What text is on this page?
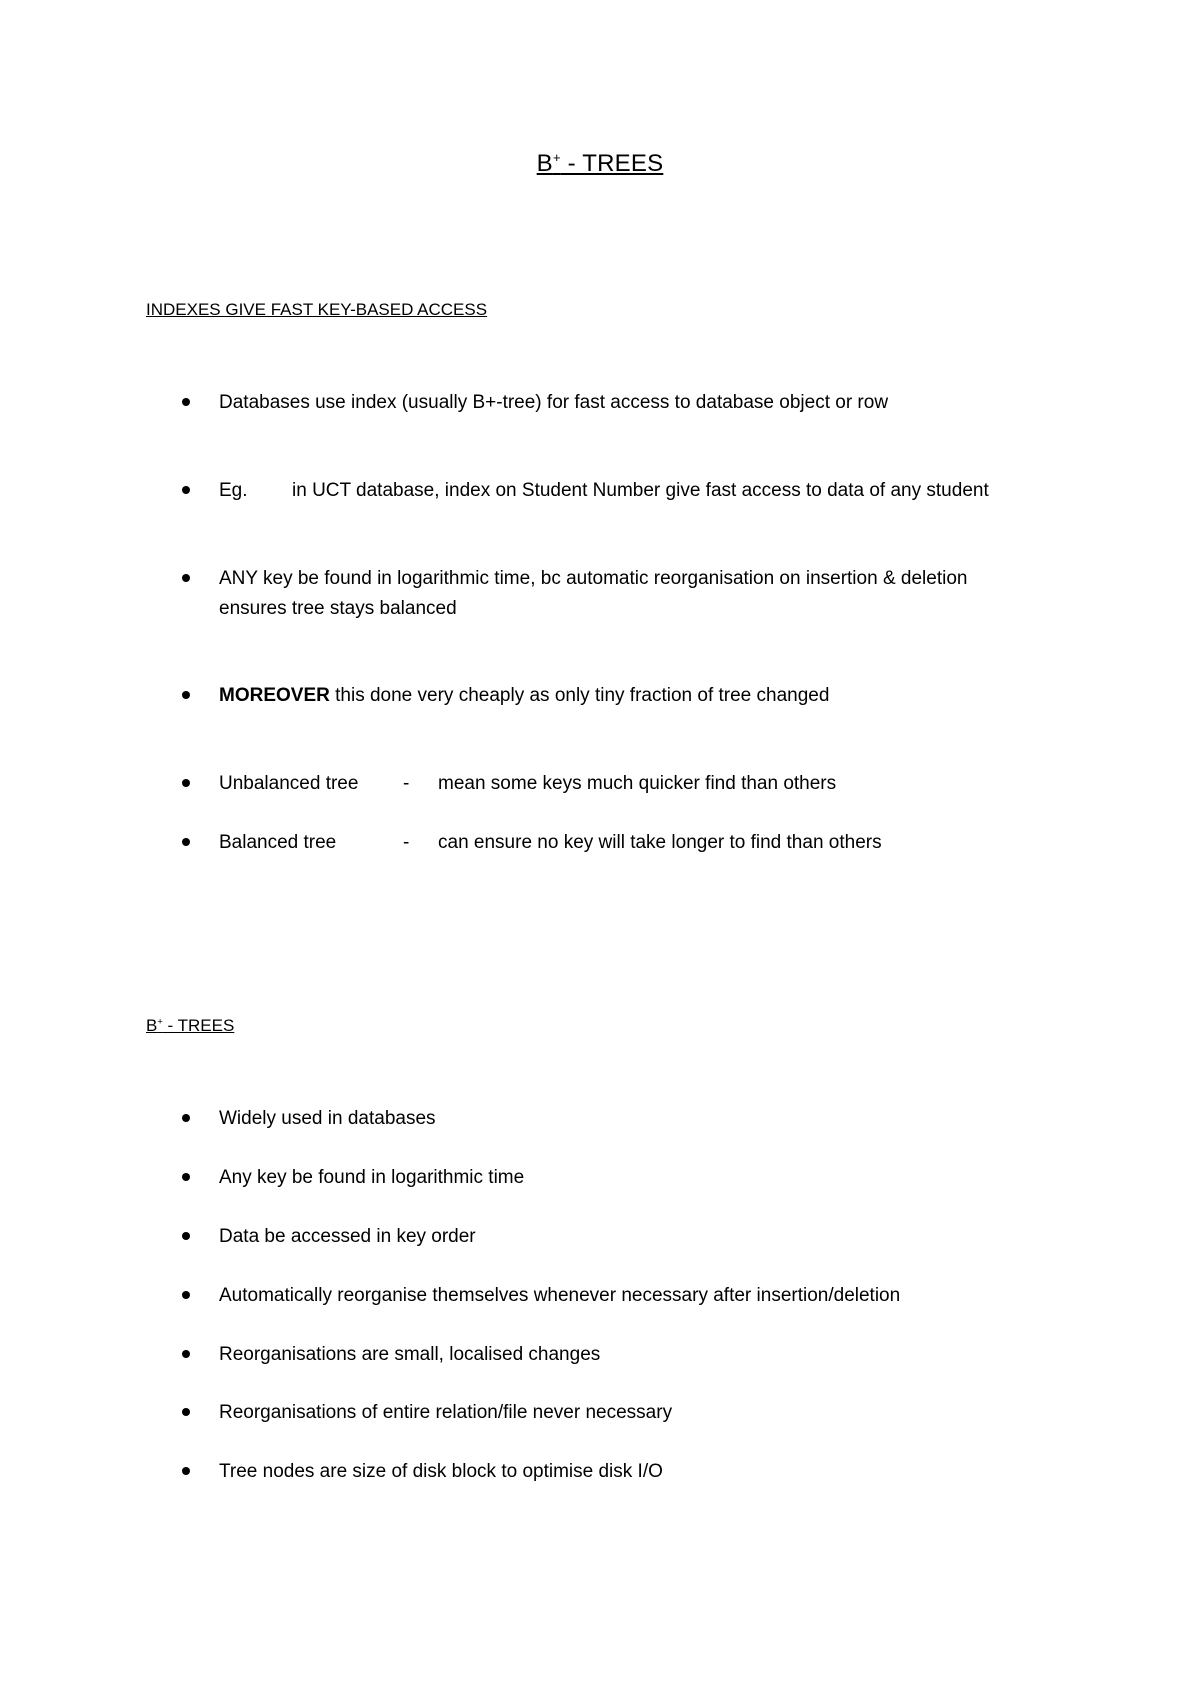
B+ - TREES
INDEXES GIVE FAST KEY-BASED ACCESS
Databases use index (usually B+-tree) for fast access to database object or row
Eg. in UCT database, index on Student Number give fast access to data of any student
ANY key be found in logarithmic time, bc automatic reorganisation on insertion & deletion
ensures tree stays balanced
MOREOVER this done very cheaply as only tiny fraction of tree changed
Unbalanced tree - mean some keys much quicker find than others
Balanced tree	- can ensure no key will take longer to find than others
B+ - TREES
Widely used in databases
Any key be found in logarithmic time
Data be accessed in key order
Automatically reorganise themselves whenever necessary after insertion/deletion
Reorganisations are small, localised changes
Reorganisations of entire relation/file never necessary
Tree nodes are size of disk block to optimise disk I/O
